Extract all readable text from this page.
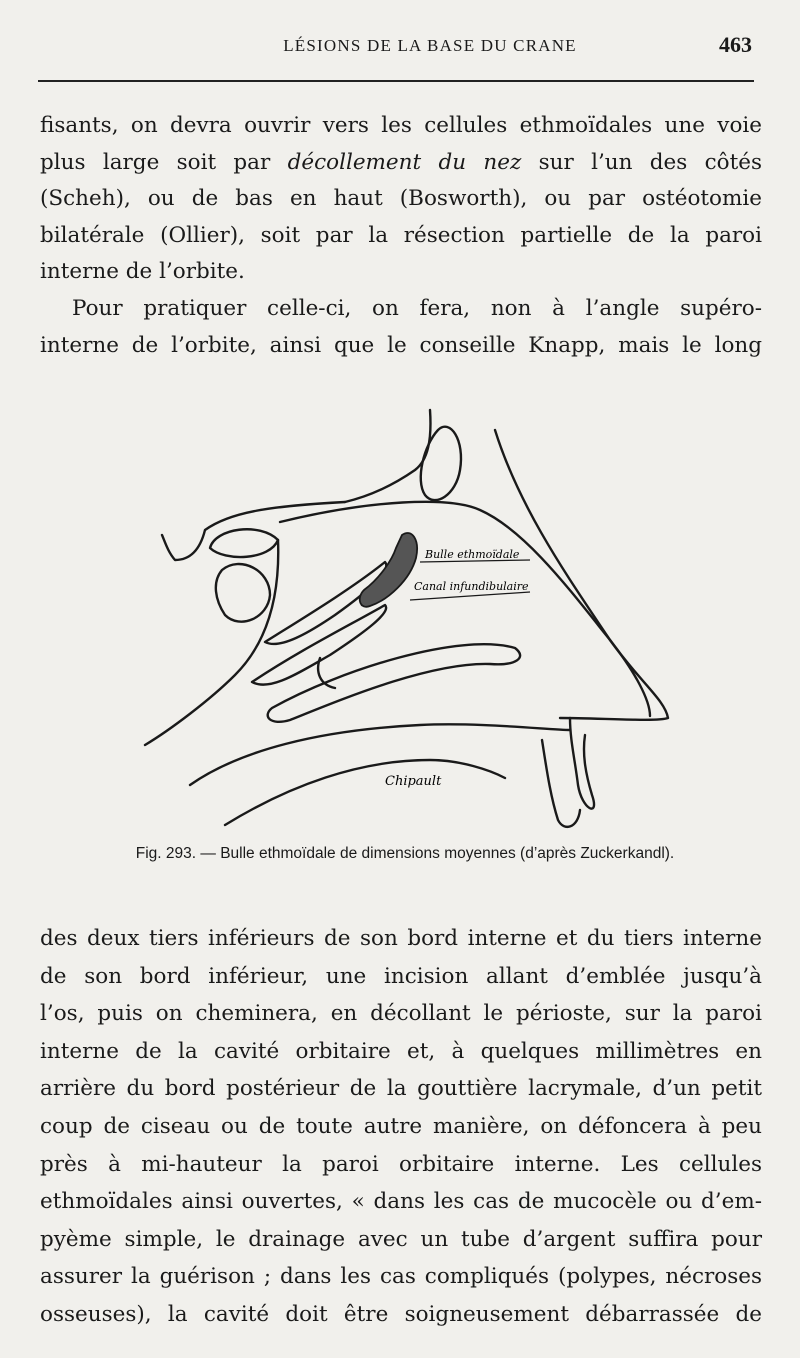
LÉSIONS DE LA BASE DU CRANE	463
fisants, on devra ouvrir vers les cellules ethmoïdales une voie
plus large soit par décollement du nez sur l’un des côtés
(Scheh), ou de bas en haut (Bosworth), ou par ostéotomie
bilatérale (Ollier), soit par la résection partielle de la paroi
interne de l’orbite.
Pour pratiquer celle-ci, on fera, non à l’angle supéro-
interne de l’orbite, ainsi que le conseille Knapp, mais le long
Bulle ethmoïdale
Canal infundibulaire
Chipault
Fig. 293. — Bulle ethmoïdale de dimensions moyennes (d’après Zuckerkandl).
des deux tiers inférieurs de son bord interne et du tiers interne
de son bord inférieur, une incision allant d’emblée jusqu’à
l’os, puis on cheminera, en décollant le périoste, sur la paroi
interne de la cavité orbitaire et, à quelques millimètres en
arrière du bord postérieur de la gouttière lacrymale, d’un petit
coup de ciseau ou de toute autre manière, on défoncera à peu
près à mi-hauteur la paroi orbitaire interne. Les cellules
ethmoïdales ainsi ouvertes, « dans les cas de mucocèle ou d’em-
pyème simple, le drainage avec un tube d’argent suffira pour
assurer la guérison ; dans les cas compliqués (polypes, nécroses
osseuses), la cavité doit être soigneusement débarrassée de
